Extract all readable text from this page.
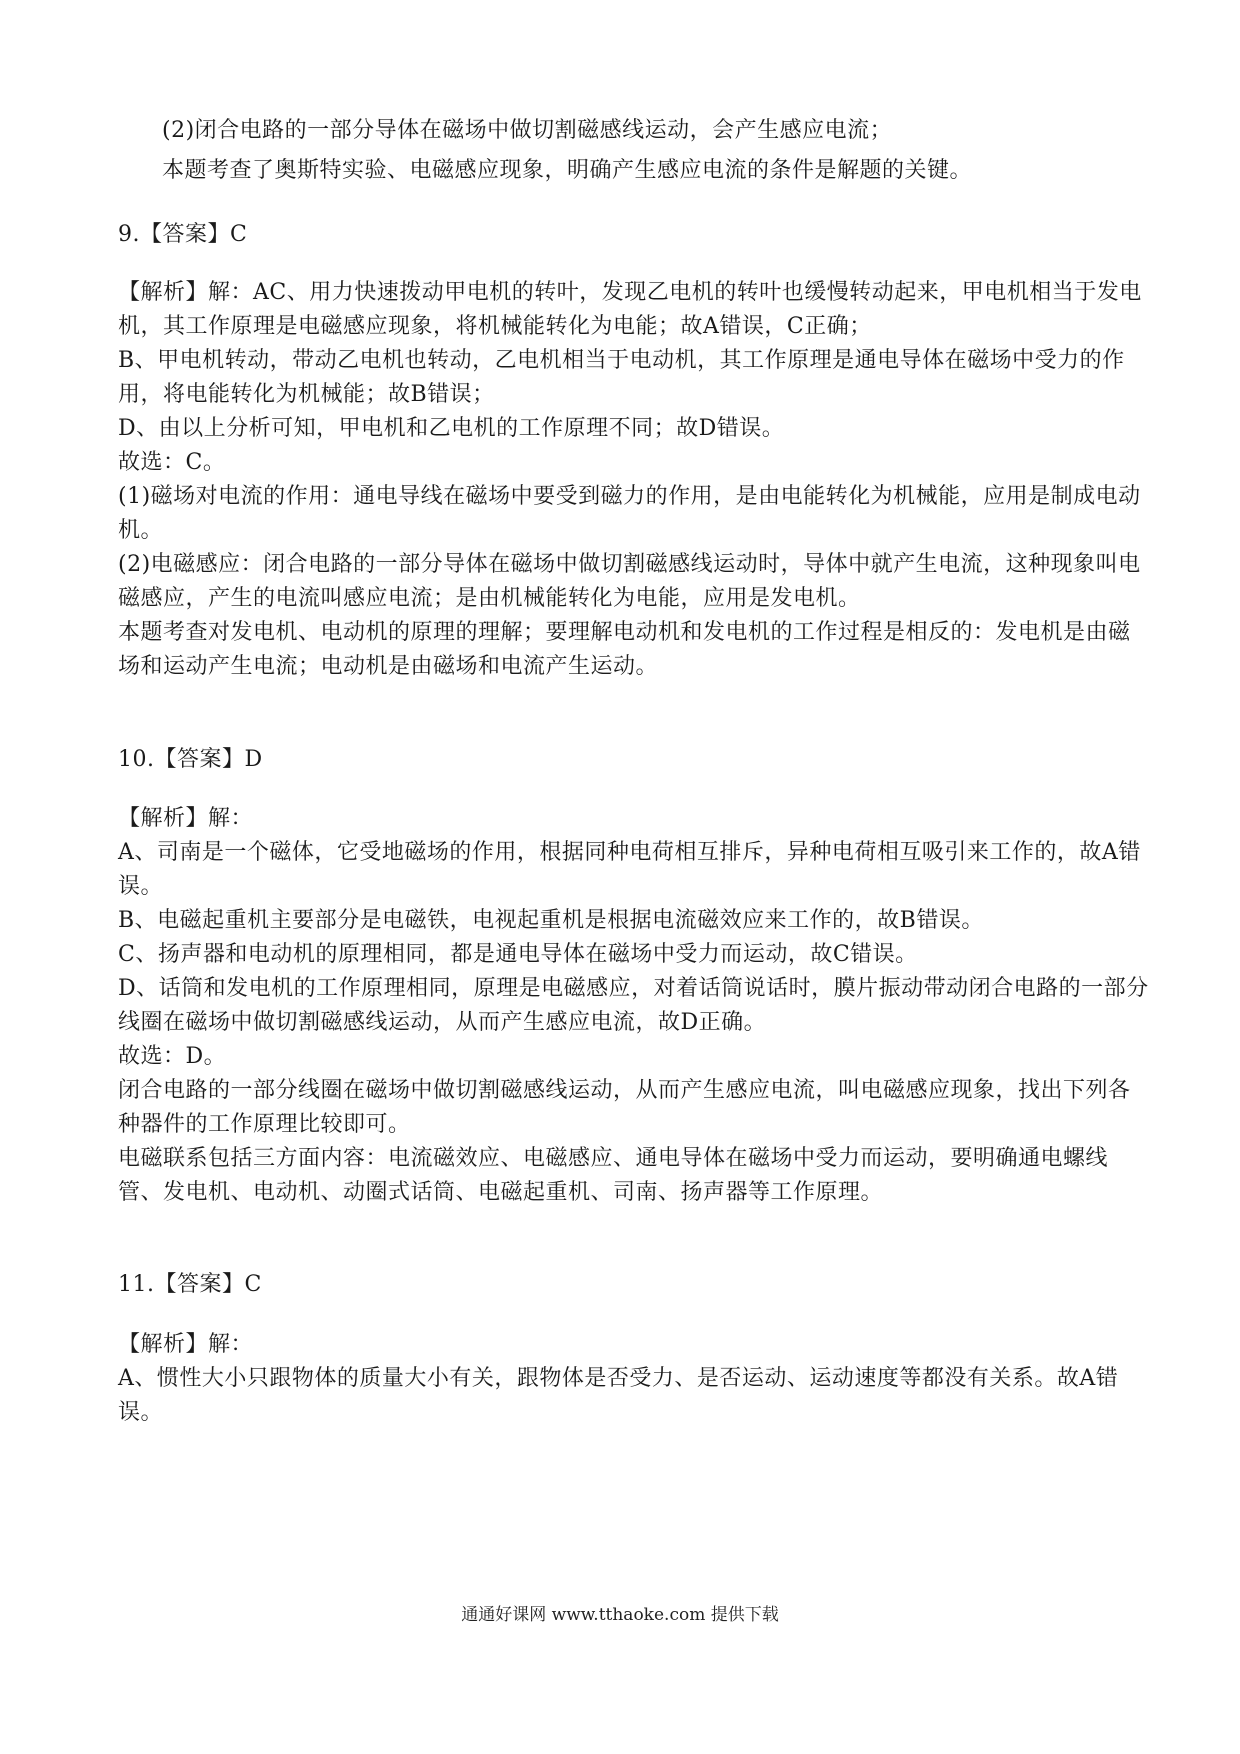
(2)闭合电路的一部分导体在磁场中做切割磁感线运动，会产生感应电流；
本题考查了奥斯特实验、电磁感应现象，明确产生感应电流的条件是解题的关键。
9.【答案】C
【解析】解：AC、用力快速拨动甲电机的转叶，发现乙电机的转叶也缓慢转动起来，甲电机相当于发电
机，其工作原理是电磁感应现象，将机械能转化为电能；故A错误，C正确；
B、甲电机转动，带动乙电机也转动，乙电机相当于电动机，其工作原理是通电导体在磁场中受力的作
用，将电能转化为机械能；故B错误；
D、由以上分析可知，甲电机和乙电机的工作原理不同；故D错误。
故选：C。
(1)磁场对电流的作用：通电导线在磁场中要受到磁力的作用，是由电能转化为机械能，应用是制成电动
机。
(2)电磁感应：闭合电路的一部分导体在磁场中做切割磁感线运动时，导体中就产生电流，这种现象叫电
磁感应，产生的电流叫感应电流；是由机械能转化为电能，应用是发电机。
本题考查对发电机、电动机的原理的理解；要理解电动机和发电机的工作过程是相反的：发电机是由磁
场和运动产生电流；电动机是由磁场和电流产生运动。
10.【答案】D
【解析】解：
A、司南是一个磁体，它受地磁场的作用，根据同种电荷相互排斥，异种电荷相互吸引来工作的，故A错
误。
B、电磁起重机主要部分是电磁铁，电视起重机是根据电流磁效应来工作的，故B错误。
C、扬声器和电动机的原理相同，都是通电导体在磁场中受力而运动，故C错误。
D、话筒和发电机的工作原理相同，原理是电磁感应，对着话筒说话时，膜片振动带动闭合电路的一部分
线圈在磁场中做切割磁感线运动，从而产生感应电流，故D正确。
故选：D。
闭合电路的一部分线圈在磁场中做切割磁感线运动，从而产生感应电流，叫电磁感应现象，找出下列各
种器件的工作原理比较即可。
电磁联系包括三方面内容：电流磁效应、电磁感应、通电导体在磁场中受力而运动，要明确通电螺线
管、发电机、电动机、动圈式话筒、电磁起重机、司南、扬声器等工作原理。
11.【答案】C
【解析】解：
A、惯性大小只跟物体的质量大小有关，跟物体是否受力、是否运动、运动速度等都没有关系。故A错
误。
通通好课网 www.tthaoke.com 提供下载
